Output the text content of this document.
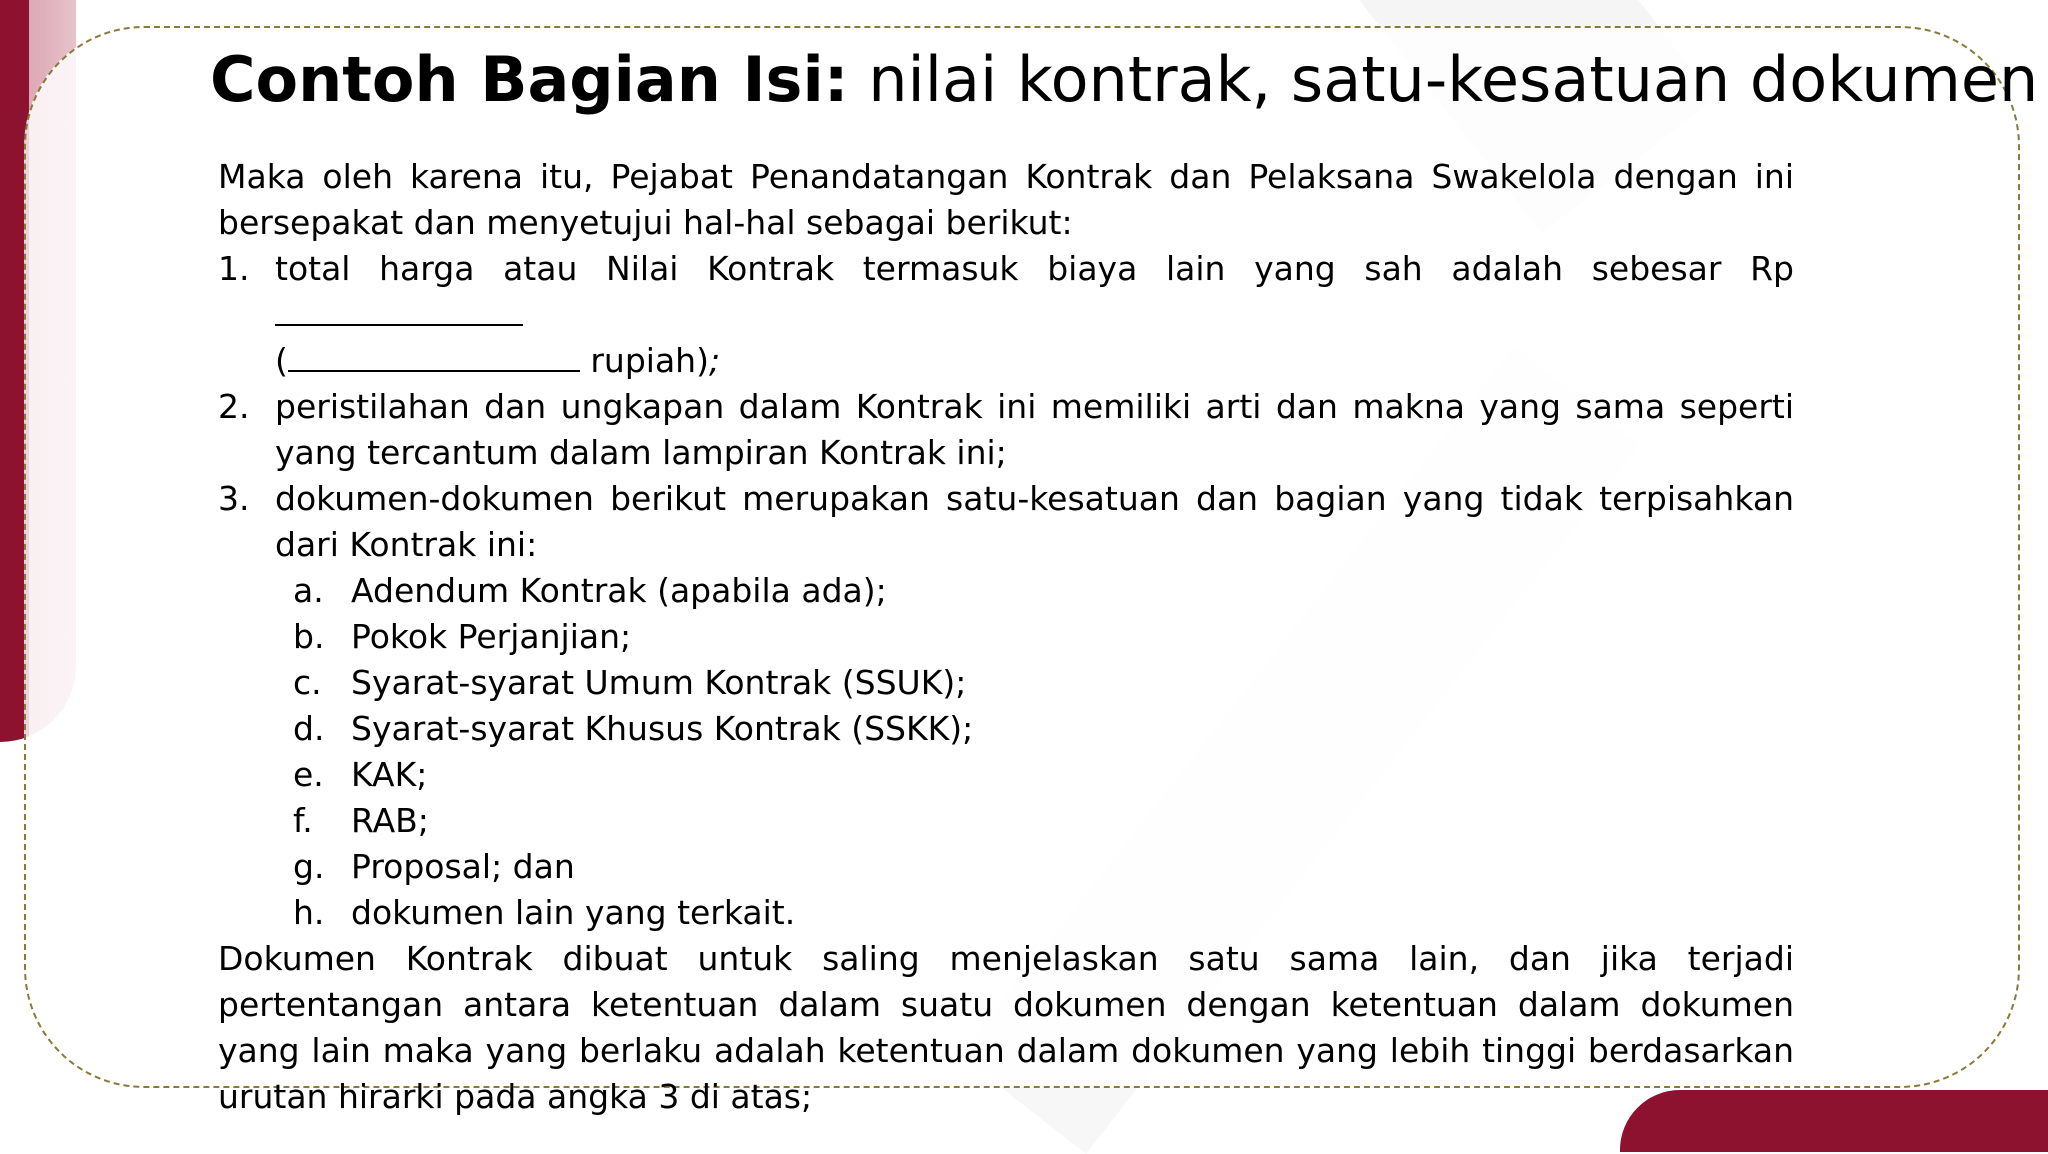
Contoh Bagian Isi: nilai kontrak, satu-kesatuan dokumen

Maka oleh karena itu, Pejabat Penandatangan Kontrak dan Pelaksana Swakelola dengan ini bersepakat dan menyetujui hal-hal sebagai berikut:

1. total harga atau Nilai Kontrak termasuk biaya lain yang sah adalah sebesar Rp
(	rupiah);
2. peristilahan dan ungkapan dalam Kontrak ini memiliki arti dan makna yang sama seperti yang tercantum dalam lampiran Kontrak ini;
3. dokumen-dokumen berikut merupakan satu-kesatuan dan bagian yang tidak terpisahkan dari Kontrak ini:
a. Adendum Kontrak (apabila ada);
b. Pokok Perjanjian;
c. Syarat-syarat Umum Kontrak (SSUK);
d. Syarat-syarat Khusus Kontrak (SSKK);
e. KAK;
f.	RAB;
g. Proposal; dan
h. dokumen lain yang terkait.

Dokumen Kontrak dibuat untuk saling menjelaskan satu sama lain, dan jika terjadi pertentangan antara ketentuan dalam suatu dokumen dengan ketentuan dalam dokumen yang lain maka yang berlaku adalah ketentuan dalam dokumen yang lebih tinggi berdasarkan urutan hirarki pada angka 3 di atas;
